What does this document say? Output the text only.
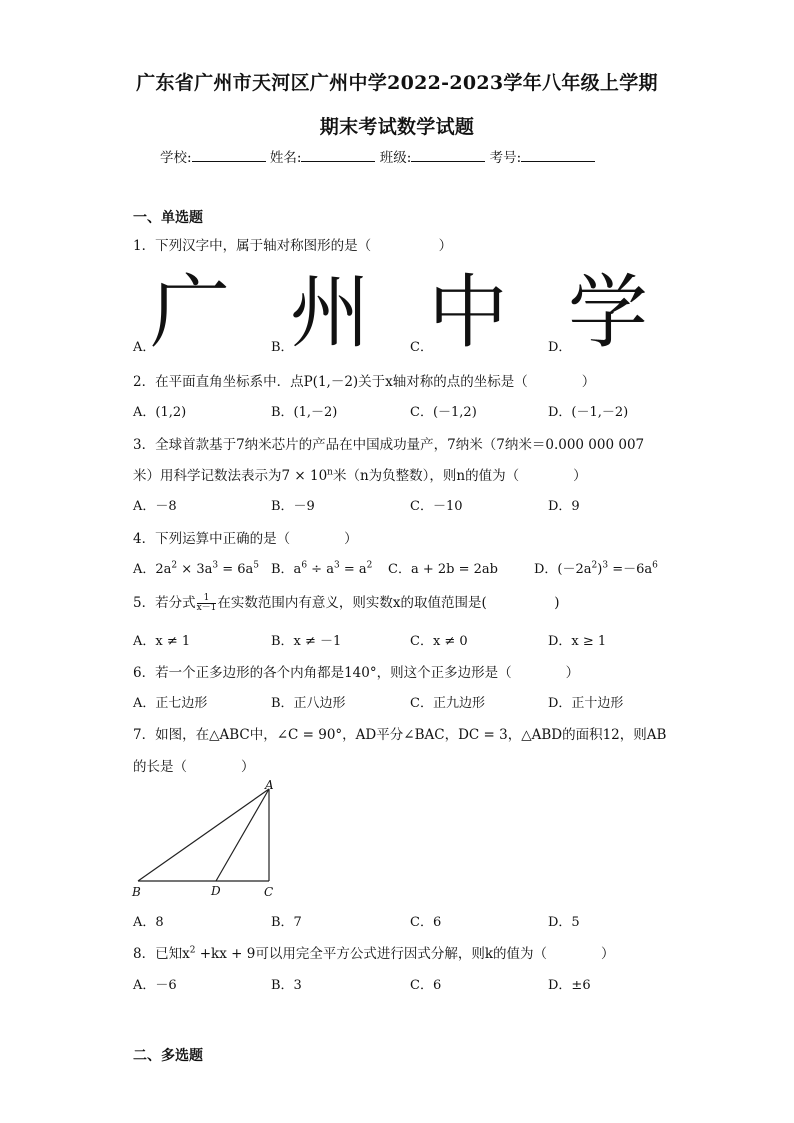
广东省广州市天河区广州中学2022-2023学年八年级上学期
期末考试数学试题
学校:	姓名:	班级:	考号:
一、单选题
1．下列汉字中，属于轴对称图形的是（　　　　　）
广 州 中 学
A．	B．	C．	D．
2．在平面直角坐标系中．点P(1,－2)关于x轴对称的点的坐标是（　　　　）
A．(1,2)	B．(1,－2)	C．(－1,2)	D．(－1,－2)
3．全球首款基于7纳米芯片的产品在中国成功量产，7纳米（7纳米＝0.000 000 007
米）用科学记数法表示为$7 \times 10^n$米（n为负整数），则n的值为（　　　　）
A．－8	B．－9	C．－10	D．9
4．下列运算中正确的是（　　　　）
A．$2a^2 \times 3a^3 = 6a^5$ B．$a^6 \div a^3 = a^2$ C．a + 2b = 2ab	D．$(-2a^2)^3 =-6a^6$
5．若分式 $\frac{1}{x-1}$ 在实数范围内有意义，则实数x的取值范围是(　　　　　)
A．x ≠ 1	B．x ≠ －1	C．x ≠ 0	D．x ≥ 1
6．若一个正多边形的各个内角都是140°，则这个正多边形是（　　　　）
A．正七边形	B．正八边形	C．正九边形	D．正十边形
7．如图，在△ABC中，∠C = 90°，AD平分∠BAC，DC = 3，△ABD的面积12，则AB
的长是（　　　　）
A
B	C
D
A．8	B．7	C．6	D．5
8．已知$x^2 +kx + 9$可以用完全平方公式进行因式分解，则k的值为（　　　　）
A．－6	B．3	C．6	D．±6
二、多选题
